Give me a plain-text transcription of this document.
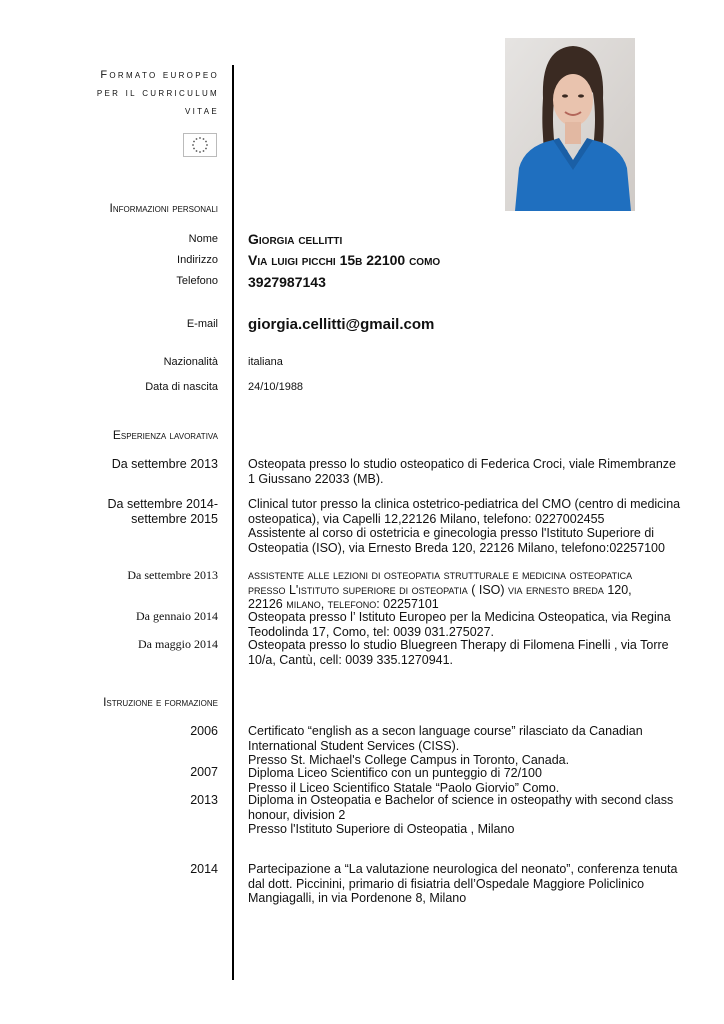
Formato europeo
per il curriculum
vitae
Informazioni personali
Nome Giorgia cellitti
Indirizzo Via luigi picchi 15b 22100 como
Telefono 3927987143
E-mail giorgia.cellitti@gmail.com
Nazionalità	italiana
Data di nascita	24/10/1988
Esperienza lavorativa
Da settembre 2013 Osteopata presso lo studio osteopatico di Federica Croci, viale Rimembranze
1 Giussano 22033 (MB).
Da settembre 2014-
settembre 2015
Clinical tutor presso la clinica ostetrico-pediatrica del CMO (centro di medicina
osteopatica), via Capelli 12,22126 Milano, telefono: 0227002455
Assistente al corso di ostetricia e ginecologia presso l'Istituto Superiore di
Osteopatia (ISO), via Ernesto Breda 120, 22126 Milano, telefono:02257100
Da settembre 2013 assistente alle lezioni di osteopatia strutturale e medicina osteopatica
presso L'istituto superiore di osteopatia ( ISO) via ernesto breda 120,
22126 milano, telefono: 02257101
Da gennaio 2014 Osteopata presso l’ Istituto Europeo per la Medicina Osteopatica, via Regina
Teodolinda 17, Como, tel: 0039 031.275027.
Da maggio 2014 Osteopata presso lo studio Bluegreen Therapy di Filomena Finelli , via Torre
10/a, Cantù, cell: 0039 335.1270941.
Istruzione e formazione
2006 Certificato “english as a secon language course” rilasciato da Canadian
International Student Services (CISS).
Presso St. Michael's College Campus in Toronto, Canada.
2007 Diploma Liceo Scientifico con un punteggio di 72/100
Presso il Liceo Scientifico Statale “Paolo Giorvio” Como.
2013 Diploma in Osteopatia e Bachelor of science in osteopathy with second class
honour, division 2
Presso l'Istituto Superiore di Osteopatia , Milano
2014 Partecipazione a “La valutazione neurologica del neonato”, conferenza tenuta
dal dott. Piccinini, primario di fisiatria dell’Ospedale Maggiore Policlinico
Mangiagalli, in via Pordenone 8, Milano
